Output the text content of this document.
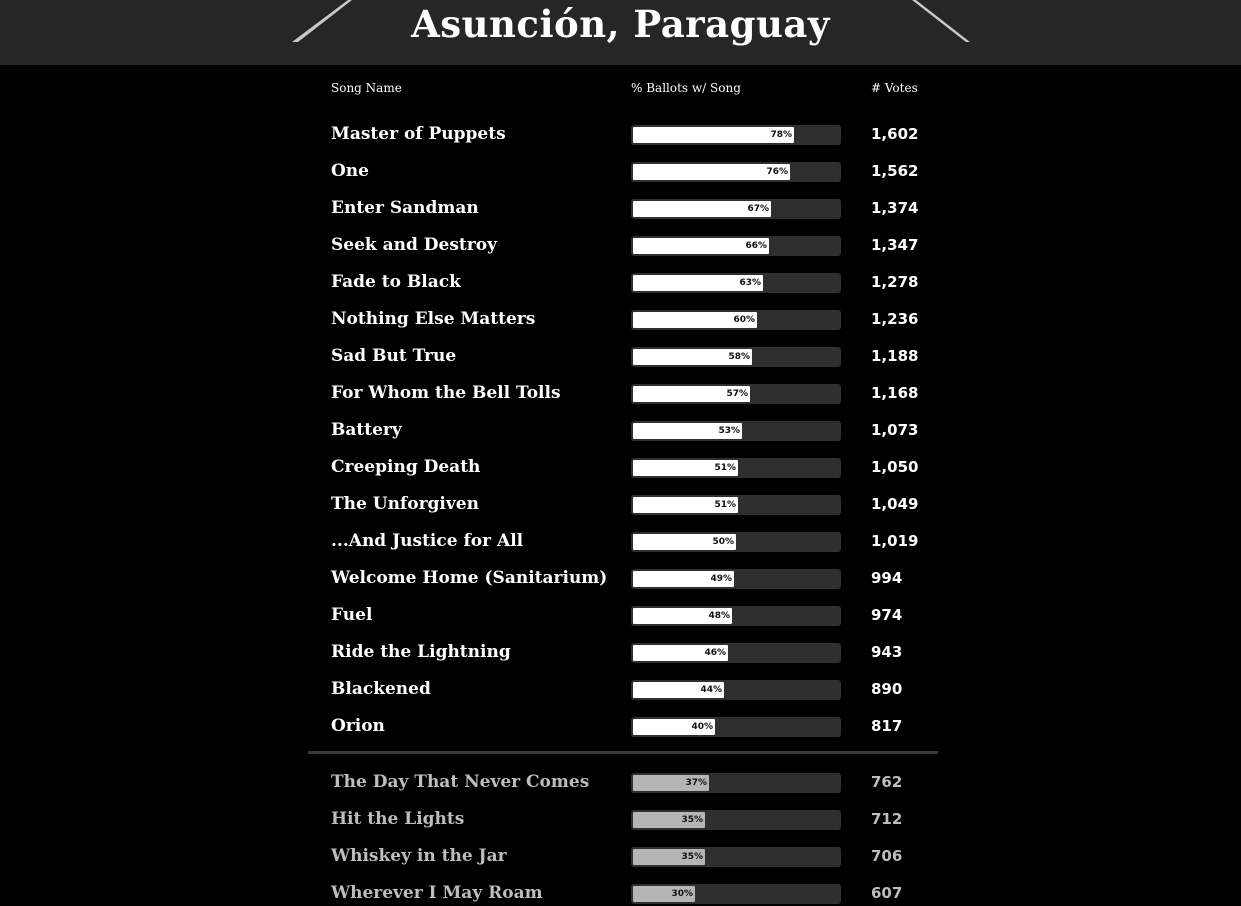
Asunción, Paraguay
Song Name	% Ballots w/ Song	# Votes
Master of Puppets	78%	1,602
One	76%	1,562
Enter Sandman	67%	1,374
Seek and Destroy	66%	1,347
Fade to Black	63%	1,278
Nothing Else Matters	60%	1,236
Sad But True	58%	1,188
For Whom the Bell Tolls	57%	1,168
Battery	53%	1,073
Creeping Death	51%	1,050
The Unforgiven	51%	1,049
...And Justice for All	50%	1,019
Welcome Home (Sanitarium)	49%	994
Fuel	48%	974
Ride the Lightning	46%	943
Blackened	44%	890
Orion	40%	817
The Day That Never Comes	37%	762
Hit the Lights	35%	712
Whiskey in the Jar	35%	706
Wherever I May Roam	30%	607
